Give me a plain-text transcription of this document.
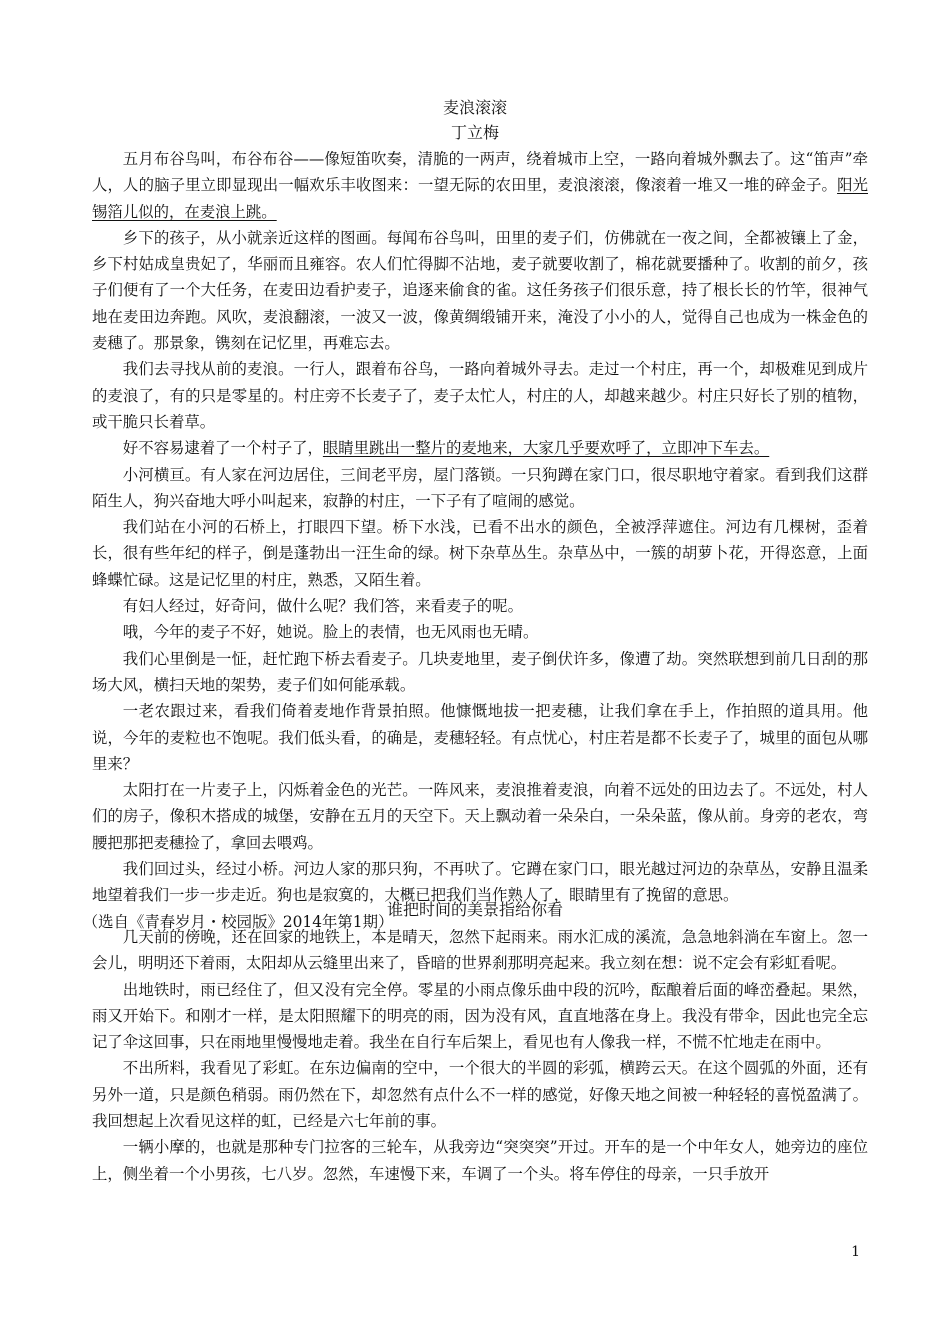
麦浪滚滚
丁立梅

五月布谷鸟叫，布谷布谷——像短笛吹奏，清脆的一两声，绕着城市上空，一路向着城外飘去了。这“笛声”牵人，人的脑子里立即显现出一幅欢乐丰收图来：一望无际的农田里，麦浪滚滚，像滚着一堆又一堆的碎金子。阳光锡箔儿似的，在麦浪上跳。

乡下的孩子，从小就亲近这样的图画。每闻布谷鸟叫，田里的麦子们，仿佛就在一夜之间，全都被镶上了金，乡下村姑成皇贵妃了，华丽而且雍容。农人们忙得脚不沾地，麦子就要收割了，棉花就要播种了。收割的前夕，孩子们便有了一个大任务，在麦田边看护麦子，追逐来偷食的雀。这任务孩子们很乐意，持了根长长的竹竿，很神气地在麦田边奔跑。风吹，麦浪翻滚，一波又一波，像黄绸缎铺开来，淹没了小小的人，觉得自己也成为一株金色的麦穗了。那景象，镌刻在记忆里，再难忘去。

我们去寻找从前的麦浪。一行人，跟着布谷鸟，一路向着城外寻去。走过一个村庄，再一个，却极难见到成片的麦浪了，有的只是零星的。村庄旁不长麦子了，麦子太忙人，村庄的人，却越来越少。村庄只好长了别的植物，或干脆只长着草。

好不容易逮着了一个村子了，眼睛里跳出一整片的麦地来，大家几乎要欢呼了，立即冲下车去。

小河横亘。有人家在河边居住，三间老平房，屋门落锁。一只狗蹲在家门口，很尽职地守着家。看到我们这群陌生人，狗兴奋地大呼小叫起来，寂静的村庄，一下子有了喧闹的感觉。

我们站在小河的石桥上，打眼四下望。桥下水浅，已看不出水的颜色，全被浮萍遮住。河边有几棵树，歪着长，很有些年纪的样子，倒是蓬勃出一汪生命的绿。树下杂草丛生。杂草丛中，一簇的胡萝卜花，开得恣意，上面蜂蝶忙碌。这是记忆里的村庄，熟悉，又陌生着。

有妇人经过，好奇问，做什么呢？我们答，来看麦子的呢。

哦，今年的麦子不好，她说。脸上的表情，也无风雨也无晴。

我们心里倒是一怔，赶忙跑下桥去看麦子。几块麦地里，麦子倒伏许多，像遭了劫。突然联想到前几日刮的那场大风，横扫天地的架势，麦子们如何能承载。

一老农跟过来，看我们倚着麦地作背景拍照。他慷慨地拔一把麦穗，让我们拿在手上，作拍照的道具用。他说，今年的麦粒也不饱呢。我们低头看，的确是，麦穗轻轻。有点忧心，村庄若是都不长麦子了，城里的面包从哪里来？

太阳打在一片麦子上，闪烁着金色的光芒。一阵风来，麦浪推着麦浪，向着不远处的田边去了。不远处，村人们的房子，像积木搭成的城堡，安静在五月的天空下。天上飘动着一朵朵白，一朵朵蓝，像从前。身旁的老农，弯腰把那把麦穗捡了，拿回去喂鸡。

我们回过头，经过小桥。河边人家的那只狗，不再吠了。它蹲在家门口，眼光越过河边的杂草丛，安静且温柔地望着我们一步一步走近。狗也是寂寞的，大概已把我们当作熟人了，眼睛里有了挽留的意思。

（选自《青春岁月・校园版》2014年第1期）

谁把时间的美景指给你看

几天前的傍晚，还在回家的地铁上，本是晴天，忽然下起雨来。雨水汇成的溪流，急急地斜淌在车窗上。忽一会儿，明明还下着雨，太阳却从云缝里出来了，昏暗的世界刹那明亮起来。我立刻在想：说不定会有彩虹看呢。

出地铁时，雨已经住了，但又没有完全停。零星的小雨点像乐曲中段的沉吟，酝酿着后面的峰峦叠起。果然，雨又开始下。和刚才一样，是太阳照耀下的明亮的雨，因为没有风，直直地落在身上。我没有带伞，因此也完全忘记了伞这回事，只在雨地里慢慢地走着。我坐在自行车后架上，看见也有人像我一样，不慌不忙地走在雨中。

不出所料，我看见了彩虹。在东边偏南的空中，一个很大的半圆的彩弧，横跨云天。在这个圆弧的外面，还有另外一道，只是颜色稍弱。雨仍然在下，却忽然有点什么不一样的感觉，好像天地之间被一种轻轻的喜悦盈满了。我回想起上次看见这样的虹，已经是六七年前的事。

一辆小摩的，也就是那种专门拉客的三轮车，从我旁边“突突突”开过。开车的是一个中年女人，她旁边的座位上，侧坐着一个小男孩，七八岁。忽然，车速慢下来，车调了一个头。将车停住的母亲，一只手放开

1
